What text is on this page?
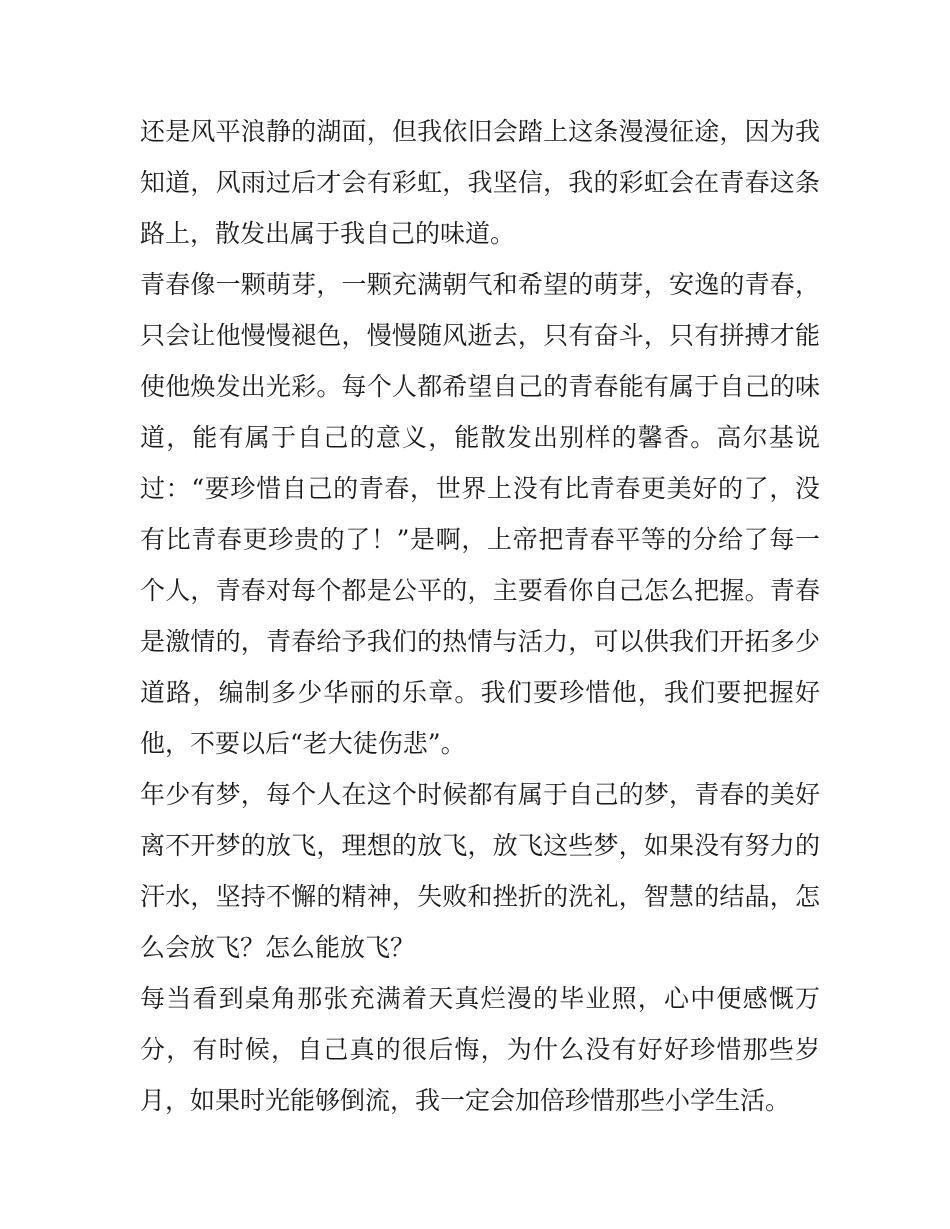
还是风平浪静的湖面，但我依旧会踏上这条漫漫征途，因为我
知道，风雨过后才会有彩虹，我坚信，我的彩虹会在青春这条
路上，散发出属于我自己的味道。
青春像一颗萌芽，一颗充满朝气和希望的萌芽，安逸的青春，
只会让他慢慢褪色，慢慢随风逝去，只有奋斗，只有拼搏才能
使他焕发出光彩。每个人都希望自己的青春能有属于自己的味
道，能有属于自己的意义，能散发出别样的馨香。高尔基说
过：“要珍惜自己的青春，世界上没有比青春更美好的了，没
有比青春更珍贵的了！”是啊，上帝把青春平等的分给了每一
个人，青春对每个都是公平的，主要看你自己怎么把握。青春
是激情的，青春给予我们的热情与活力，可以供我们开拓多少
道路，编制多少华丽的乐章。我们要珍惜他，我们要把握好
他，不要以后“老大徒伤悲”。
年少有梦，每个人在这个时候都有属于自己的梦，青春的美好
离不开梦的放飞，理想的放飞，放飞这些梦，如果没有努力的
汗水，坚持不懈的精神，失败和挫折的洗礼，智慧的结晶，怎
么会放飞？怎么能放飞？
每当看到桌角那张充满着天真烂漫的毕业照，心中便感慨万
分，有时候，自己真的很后悔，为什么没有好好珍惜那些岁
月，如果时光能够倒流，我一定会加倍珍惜那些小学生活。
